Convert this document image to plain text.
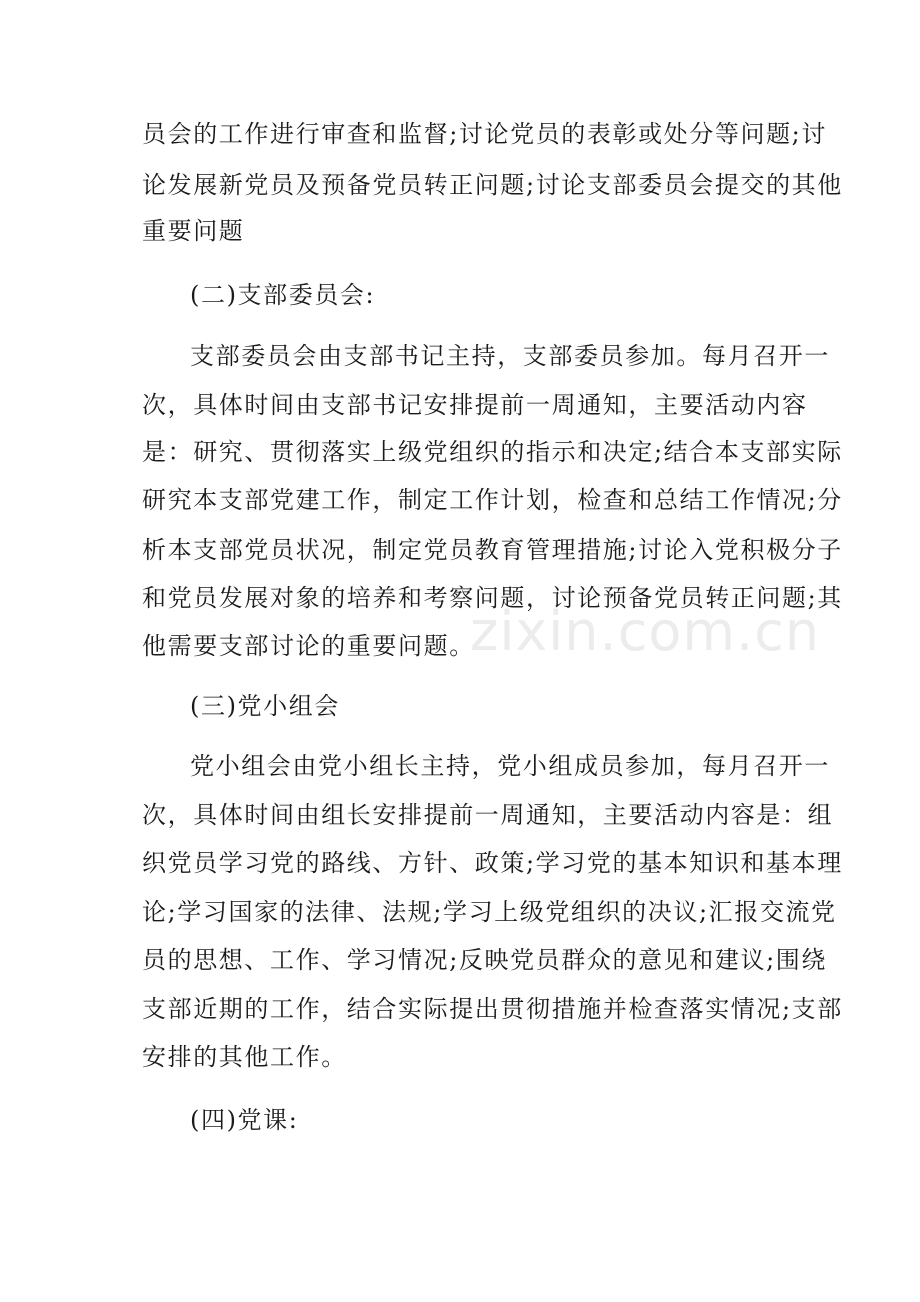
员会的工作进行审查和监督;讨论党员的表彰或处分等问题;讨
论发展新党员及预备党员转正问题;讨论支部委员会提交的其他
重要问题
(二)支部委员会:
支部委员会由支部书记主持，支部委员参加。每月召开一
次，具体时间由支部书记安排提前一周通知，主要活动内容
是：研究、贯彻落实上级党组织的指示和决定;结合本支部实际
研究本支部党建工作，制定工作计划，检查和总结工作情况;分
析本支部党员状况，制定党员教育管理措施;讨论入党积极分子
和党员发展对象的培养和考察问题，讨论预备党员转正问题;其
他需要支部讨论的重要问题。
(三)党小组会
党小组会由党小组长主持，党小组成员参加，每月召开一
次，具体时间由组长安排提前一周通知，主要活动内容是：组
织党员学习党的路线、方针、政策;学习党的基本知识和基本理
论;学习国家的法律、法规;学习上级党组织的决议;汇报交流党
员的思想、工作、学习情况;反映党员群众的意见和建议;围绕
支部近期的工作，结合实际提出贯彻措施并检查落实情况;支部
安排的其他工作。
(四)党课:
zixin.com.cn
